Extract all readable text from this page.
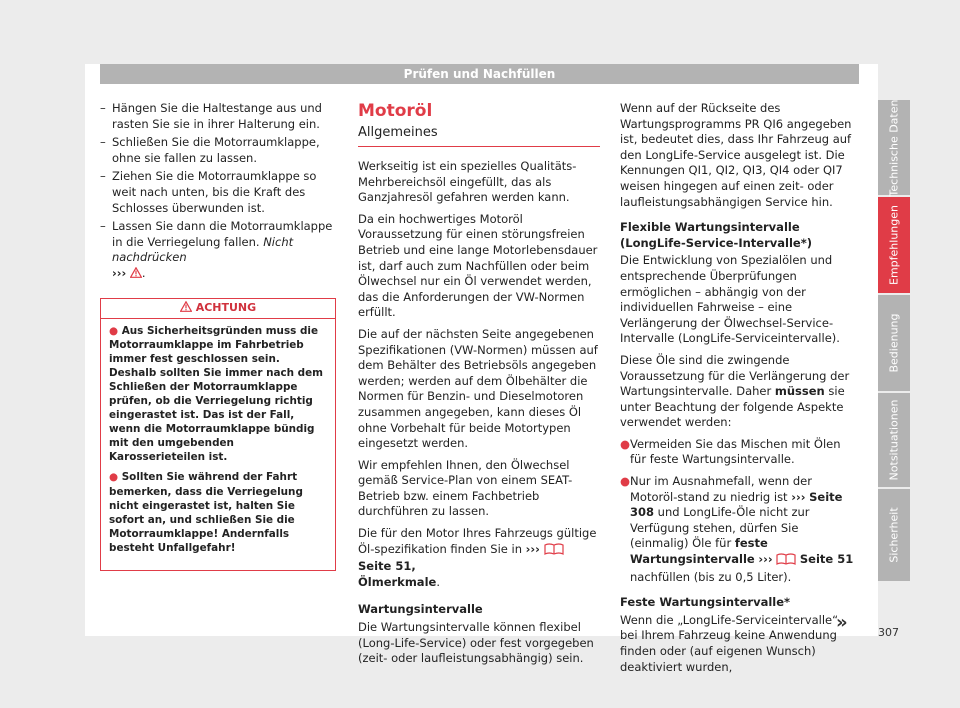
Prüfen und Nachfüllen
– Hängen Sie die Haltestange aus und rasten Sie sie in ihrer Halterung ein.
– Schließen Sie die Motorraumklappe, ohne sie fallen zu lassen.
– Ziehen Sie die Motorraumklappe so weit nach unten, bis die Kraft des Schlosses überwunden ist.
– Lassen Sie dann die Motorraumklappe in die Verriegelung fallen. Nicht nachdrücken
››› .
ACHTUNG

● Aus Sicherheitsgründen muss die Motorraumklappe im Fahrbetrieb immer fest geschlossen sein. Deshalb sollten Sie immer nach dem Schließen der Motorraumklappe prüfen, ob die Verriegelung richtig eingerastet ist. Das ist der Fall, wenn die Motorraumklappe bündig mit den umgebenden Karosserieteilen ist.

● Sollten Sie während der Fahrt bemerken, dass die Verriegelung nicht eingerastet ist, halten Sie sofort an, und schließen Sie die Motorraumklappe! Andernfalls besteht Unfallgefahr!

Motoröl
Allgemeines

Werkseitig ist ein spezielles Qualitäts-Mehrbereichsöl eingefüllt, das als Ganzjahresöl gefahren werden kann.

Da ein hochwertiges Motoröl Voraussetzung für einen störungsfreien Betrieb und eine lange Motorlebensdauer ist, darf auch zum Nachfüllen oder beim Ölwechsel nur ein Öl verwendet werden, das die Anforderungen der VW-Normen erfüllt.

Die auf der nächsten Seite angegebenen Spezifikationen (VW-Normen) müssen auf dem Behälter des Betriebsöls angegeben werden; werden auf dem Ölbehälter die Normen für Benzin- und Dieselmotoren zusammen angegeben, kann dieses Öl ohne Vorbehalt für beide Motortypen eingesetzt werden.

Wir empfehlen Ihnen, den Ölwechsel gemäß Service-Plan von einem SEAT-Betrieb bzw. einem Fachbetrieb durchführen zu lassen.

Die für den Motor Ihres Fahrzeugs gültige Öl-spezifikation finden Sie in ›››  Seite 51,
Ölmerkmale.

Wartungsintervalle

Die Wartungsintervalle können flexibel (Long-Life-Service) oder fest vorgegeben (zeit- oder laufleistungsabhängig) sein.

Wenn auf der Rückseite des Wartungsprogramms PR QI6 angegeben ist, bedeutet dies, dass Ihr Fahrzeug auf den LongLife-Service ausgelegt ist. Die Kennungen QI1, QI2, QI3, QI4 oder QI7 weisen hingegen auf einen zeit- oder laufleistungsabhängigen Service hin.

Flexible Wartungsintervalle (LongLife-Service-Intervalle*)

Die Entwicklung von Spezialölen und entsprechende Überprüfungen ermöglichen – abhängig von der individuellen Fahrweise – eine Verlängerung der Ölwechsel-Service-Intervalle (LongLife-Serviceintervalle).

Diese Öle sind die zwingende Voraussetzung für die Verlängerung der Wartungsintervalle. Daher müssen sie unter Beachtung der folgende Aspekte verwendet werden:

● Vermeiden Sie das Mischen mit Ölen für feste Wartungsintervalle.
● Nur im Ausnahmefall, wenn der Motoröl-stand zu niedrig ist ››› Seite 308 und LongLife-Öle nicht zur Verfügung stehen, dürfen Sie (einmalig) Öle für feste Wartungsintervalle ››› Seite 51 nachfüllen (bis zu 0,5 Liter).

Feste Wartungsintervalle*

Wenn die „LongLife-Serviceintervalle“ bei Ihrem Fahrzeug keine Anwendung finden oder (auf eigenen Wunsch) deaktiviert wurden,

»	307
Technische Daten
Empfehlungen
Bedienung
Notsituationen
Sicherheit
